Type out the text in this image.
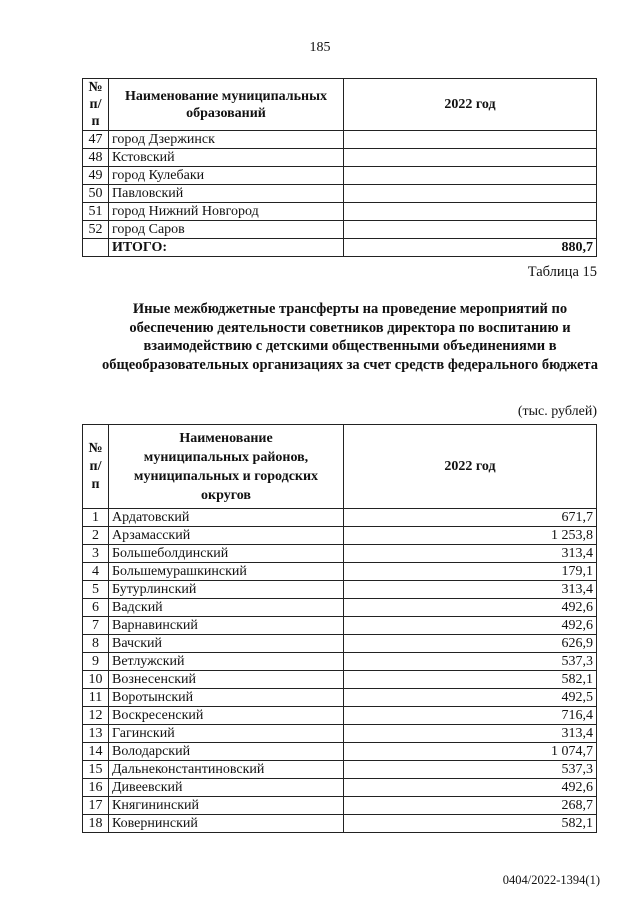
185
№ п/п	Наименование муниципальных образований	2022 год
47	город Дзержинск	
48	Кстовский	
49	город Кулебаки	
50	Павловский	
51	город Нижний Новгород	
52	город Саров	
	ИТОГО:	880,7
Таблица 15
Иные межбюджетные трансферты на проведение мероприятий по обеспечению деятельности советников директора по воспитанию и взаимодействию с детскими общественными объединениями в общеобразовательных организациях за счет средств федерального бюджета
(тыс. рублей)
№ п/п	Наименование муниципальных районов, муниципальных и городских округов	2022 год
1	Ардатовский	671,7
2	Арзамасский	1 253,8
3	Большеболдинский	313,4
4	Большемурашкинский	179,1
5	Бутурлинский	313,4
6	Вадский	492,6
7	Варнавинский	492,6
8	Вачский	626,9
9	Ветлужский	537,3
10	Вознесенский	582,1
11	Воротынский	492,5
12	Воскресенский	716,4
13	Гагинский	313,4
14	Володарский	1 074,7
15	Дальнеконстантиновский	537,3
16	Дивеевский	492,6
17	Княгининский	268,7
18	Ковернинский	582,1
0404/2022-1394(1)
